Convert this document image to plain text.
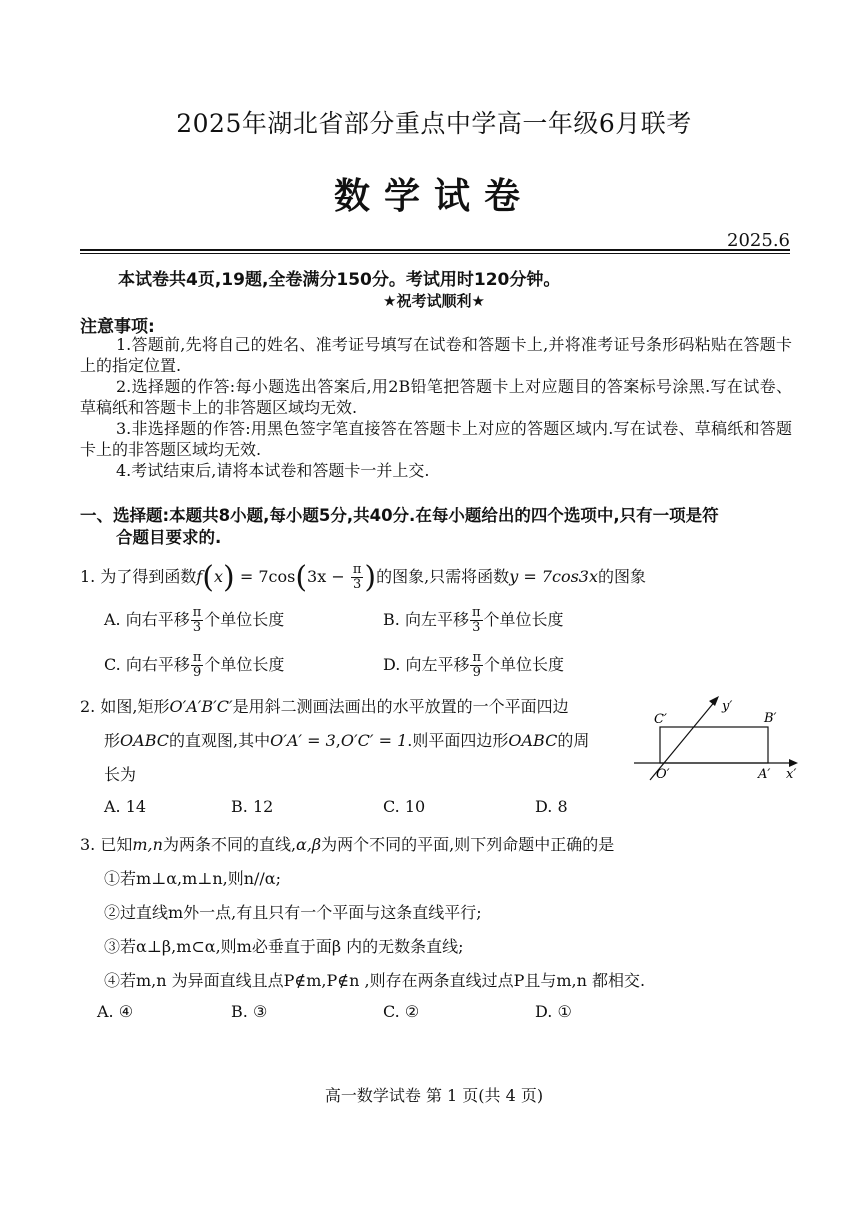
2025年湖北省部分重点中学高一年级6月联考
数学试卷
2025.6
本试卷共4页,19题,全卷满分150分。考试用时120分钟。
★祝考试顺利★
注意事项:

1.答题前,先将自己的姓名、准考证号填写在试卷和答题卡上,并将准考证号条形码粘贴在答题卡上的指定位置.

2.选择题的作答:每小题选出答案后,用2B铅笔把答题卡上对应题目的答案标号涂黑.写在试卷、草稿纸和答题卡上的非答题区域均无效.

3.非选择题的作答:用黑色签字笔直接答在答题卡上对应的答题区域内.写在试卷、草稿纸和答题卡上的非答题区域均无效.

4.考试结束后,请将本试卷和答题卡一并上交.

一、选择题:本题共8小题,每小题5分,共40分.在每小题给出的四个选项中,只有一项是符
合题目要求的.
1. 为了得到函数$f(x) = 7\cos(3x - \frac{\pi}{3}$ )的图象,只需将函数y = 7cos3x的图象
A. 向右平移 $\frac{\pi}{3}$ 个单位长度	B. 向左平移 $\frac{\pi}{3}$ 个单位长度
C. 向右平移 $\frac{\pi}{9}$ 个单位长度	D. 向左平移 $\frac{\pi}{9}$ 个单位长度
2. 如图,矩形O′A′B′C′是用斜二测画法画出的水平放置的一个平面四边
形OABC的直观图,其中O′A′ = 3,O′C′ = 1.则平面四边形OABC的周
长为
y′
x′
O′	A′
B′
C′
A. 14	B. 12	C. 10	D. 8
3. 已知m,n为两条不同的直线,α,β为两个不同的平面,则下列命题中正确的是
①若m⊥α,m⊥n,则n//α;
②过直线m外一点,有且只有一个平面与这条直线平行;
③若α⊥β,m⊂α,则m必垂直于面β 内的无数条直线;
④若m,n 为异面直线且点P∉m,P∉n ,则存在两条直线过点P且与m,n 都相交.
A. ④	B. ③	C. ②	D. ①
高一数学试卷 第 1 页(共 4 页)
